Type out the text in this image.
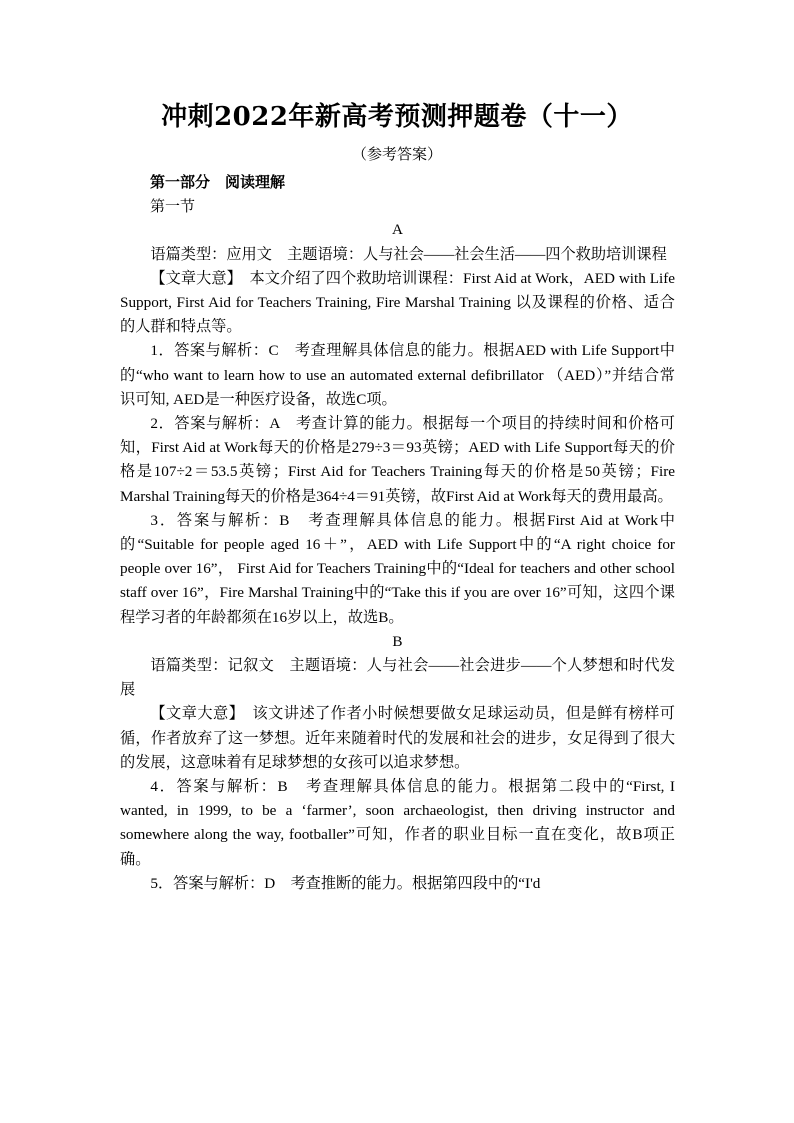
冲刺2022年新高考预测押题卷（十一）
（参考答案）

第一部分　阅读理解

第一节

A

语篇类型：应用文　主题语境：人与社会——社会生活——四个救助培训课程

【文章大意】　本文介绍了四个救助培训课程：First Aid at Work，AED with Life Support, First Aid for Teachers Training, Fire Marshal Training 以及课程的价格、适合的人群和特点等。

1．答案与解析：C　考查理解具体信息的能力。根据AED with Life Support中的“who want to learn how to use an automated external defibrillator （AED）”并结合常识可知, AED是一种医疗设备，故选C项。

2．答案与解析：A　考查计算的能力。根据每一个项目的持续时间和价格可知，First Aid at Work每天的价格是279÷3＝93英镑；AED with Life Support每天的价格是107÷2＝53.5英镑；First Aid for Teachers Training每天的价格是50英镑；Fire Marshal Training每天的价格是364÷4＝91英镑，故First Aid at Work每天的费用最高。

3．答案与解析：B　考查理解具体信息的能力。根据First Aid at Work中的“Suitable for people aged 16＋”，AED with Life Support中的“A right choice for people over 16”， First Aid for Teachers Training中的“Ideal for teachers and other school staff over 16”，Fire Marshal Training中的“Take this if you are over 16”可知，这四个课程学习者的年龄都须在16岁以上，故选B。

B

语篇类型：记叙文　主题语境：人与社会——社会进步——个人梦想和时代发展

【文章大意】　该文讲述了作者小时候想要做女足球运动员，但是鲜有榜样可循，作者放弃了这一梦想。近年来随着时代的发展和社会的进步，女足得到了很大的发展，这意味着有足球梦想的女孩可以追求梦想。

4．答案与解析：B　考查理解具体信息的能力。根据第二段中的“First, I wanted, in 1999, to be a ‘farmer’, soon archaeologist, then driving instructor and somewhere along the way, footballer”可知，作者的职业目标一直在变化，故B项正确。

5．答案与解析：D　考查推断的能力。根据第四段中的“I'd
